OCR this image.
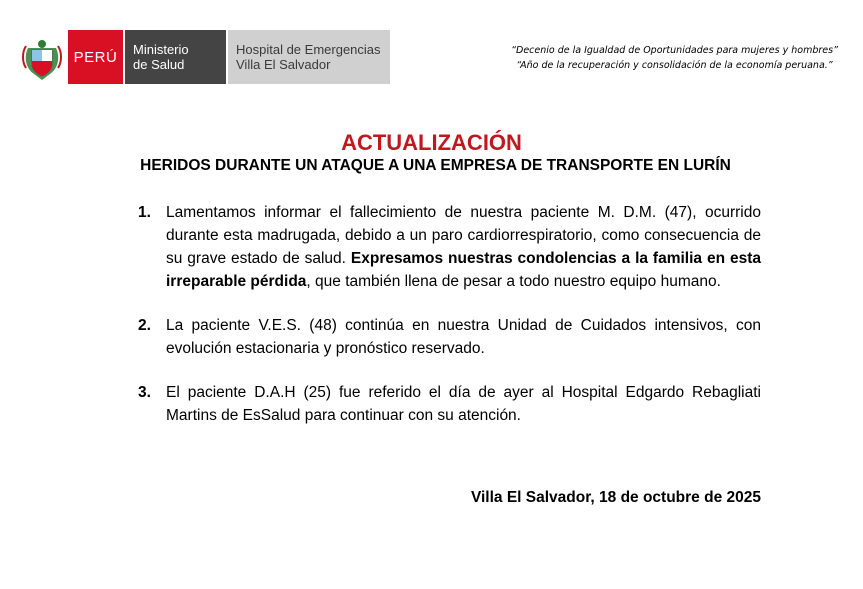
PERÚ Ministerio
de Salud
Hospital de Emergencias
Villa El Salvador
“Decenio de la Igualdad de Oportunidades para mujeres y hombres”
“Año de la recuperación y consolidación de la economía peruana.”
ACTUALIZACIÓN
HERIDOS DURANTE UN ATAQUE A UNA EMPRESA DE TRANSPORTE EN LURÍN
1. Lamentamos informar el fallecimiento de nuestra paciente M. D.M. (47), ocurrido durante esta madrugada, debido a un paro cardiorrespiratorio, como consecuencia de su grave estado de salud. Expresamos nuestras condolencias a la familia en esta irreparable pérdida, que también llena de pesar a todo nuestro equipo humano.
2. La paciente V.E.S. (48) continúa en nuestra Unidad de Cuidados intensivos, con evolución estacionaria y pronóstico reservado.
3. El paciente D.A.H (25) fue referido el día de ayer al Hospital Edgardo Rebagliati Martins de EsSalud para continuar con su atención.
Villa El Salvador, 18 de octubre de 2025
